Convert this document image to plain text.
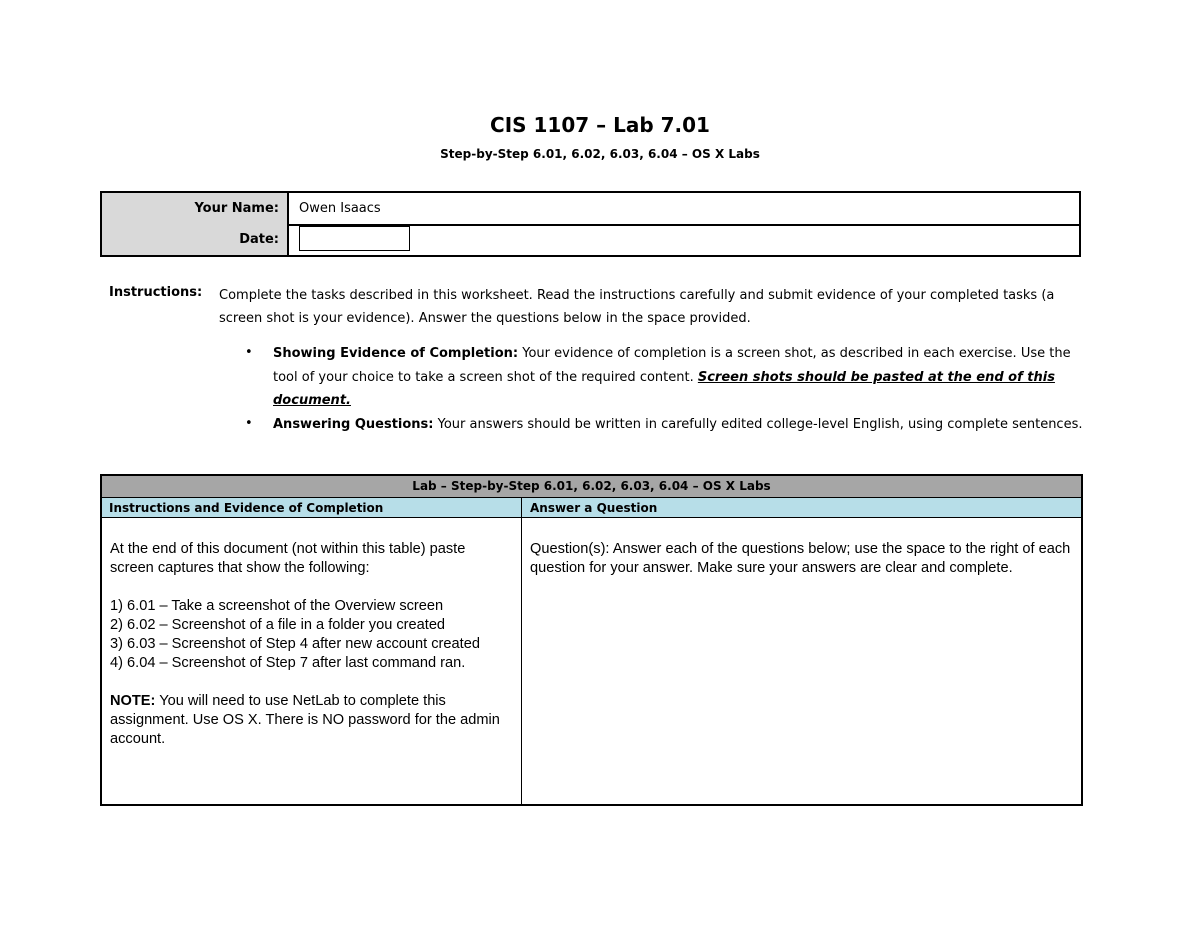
CIS 1107 – Lab 7.01
Step-by-Step 6.01, 6.02, 6.03, 6.04 – OS X Labs
Your Name:	Owen Isaacs
Date:
Instructions: Complete the tasks described in this worksheet. Read the instructions carefully and submit evidence of your completed tasks (a screen shot is your evidence). Answer the questions below in the space provided.
• Showing Evidence of Completion: Your evidence of completion is a screen shot, as described in each exercise. Use the tool of your choice to take a screen shot of the required content. Screen shots should be pasted at the end of this document.
• Answering Questions: Your answers should be written in carefully edited college-level English, using complete sentences.
Lab – Step-by-Step 6.01, 6.02, 6.03, 6.04 – OS X Labs
Instructions and Evidence of Completion	Answer a Question
At the end of this document (not within this table) paste screen captures that show the following:
1) 6.01 – Take a screenshot of the Overview screen
2) 6.02 – Screenshot of a file in a folder you created
3) 6.03 – Screenshot of Step 4 after new account created
4) 6.04 – Screenshot of Step 7 after last command ran.
NOTE: You will need to use NetLab to complete this assignment. Use OS X. There is NO password for the admin account.
Question(s): Answer each of the questions below; use the space to the right of each question for your answer. Make sure your answers are clear and complete.
